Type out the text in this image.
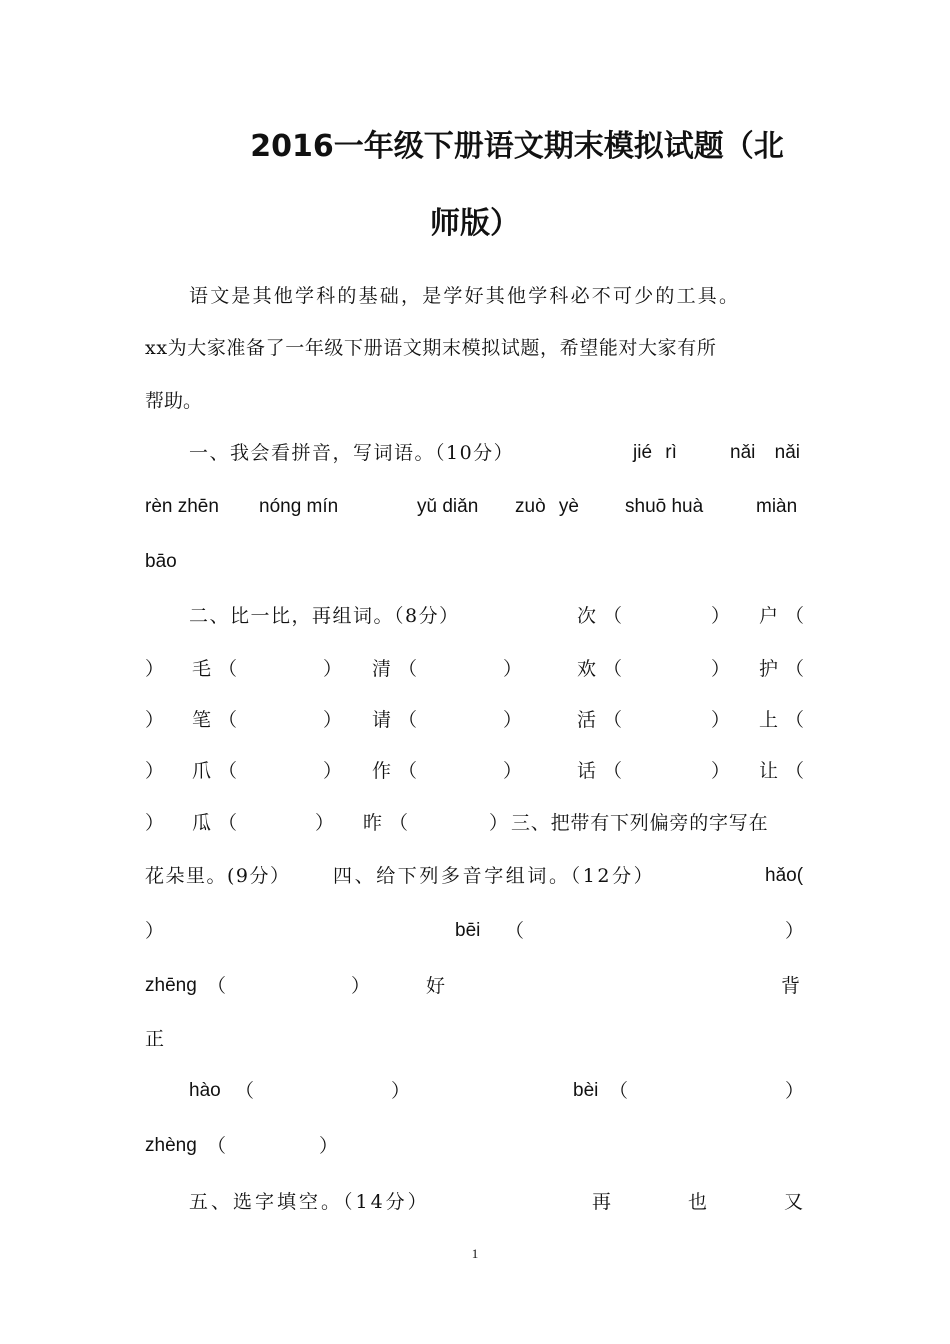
2016一年级下册语文期末模拟试题（北
师版）
语文是其他学科的基础，是学好其他学科必不可少的工具。
xx为大家准备了一年级下册语文期末模拟试题，希望能对大家有所
帮助。
一、我会看拼音，写词语。（10分）	jié rì	nǎi nǎi
rèn zhēn nóng mín	yǔ diǎn zuò yè shuō huà	miàn
bāo
二、比一比，再组词。（8分）	次 （	） 户 （
） 毛 （	） 清 （	）	欢 （	） 护 （
） 笔 （	） 请 （	）	活 （	） 上 （
） 爪 （	） 作 （	）	话 （	） 让 （
） 瓜 （	） 昨 （	） 三、把带有下列偏旁的字写在
花朵里。(9分） 四、给下列多音字组词。（12分）	hǎo(
）	bēi （	）
zhēng （	）	好	背
正
hào （	）	bèi （	）
zhèng （	）
五、选字填空。（14分）	再	也	又
1
